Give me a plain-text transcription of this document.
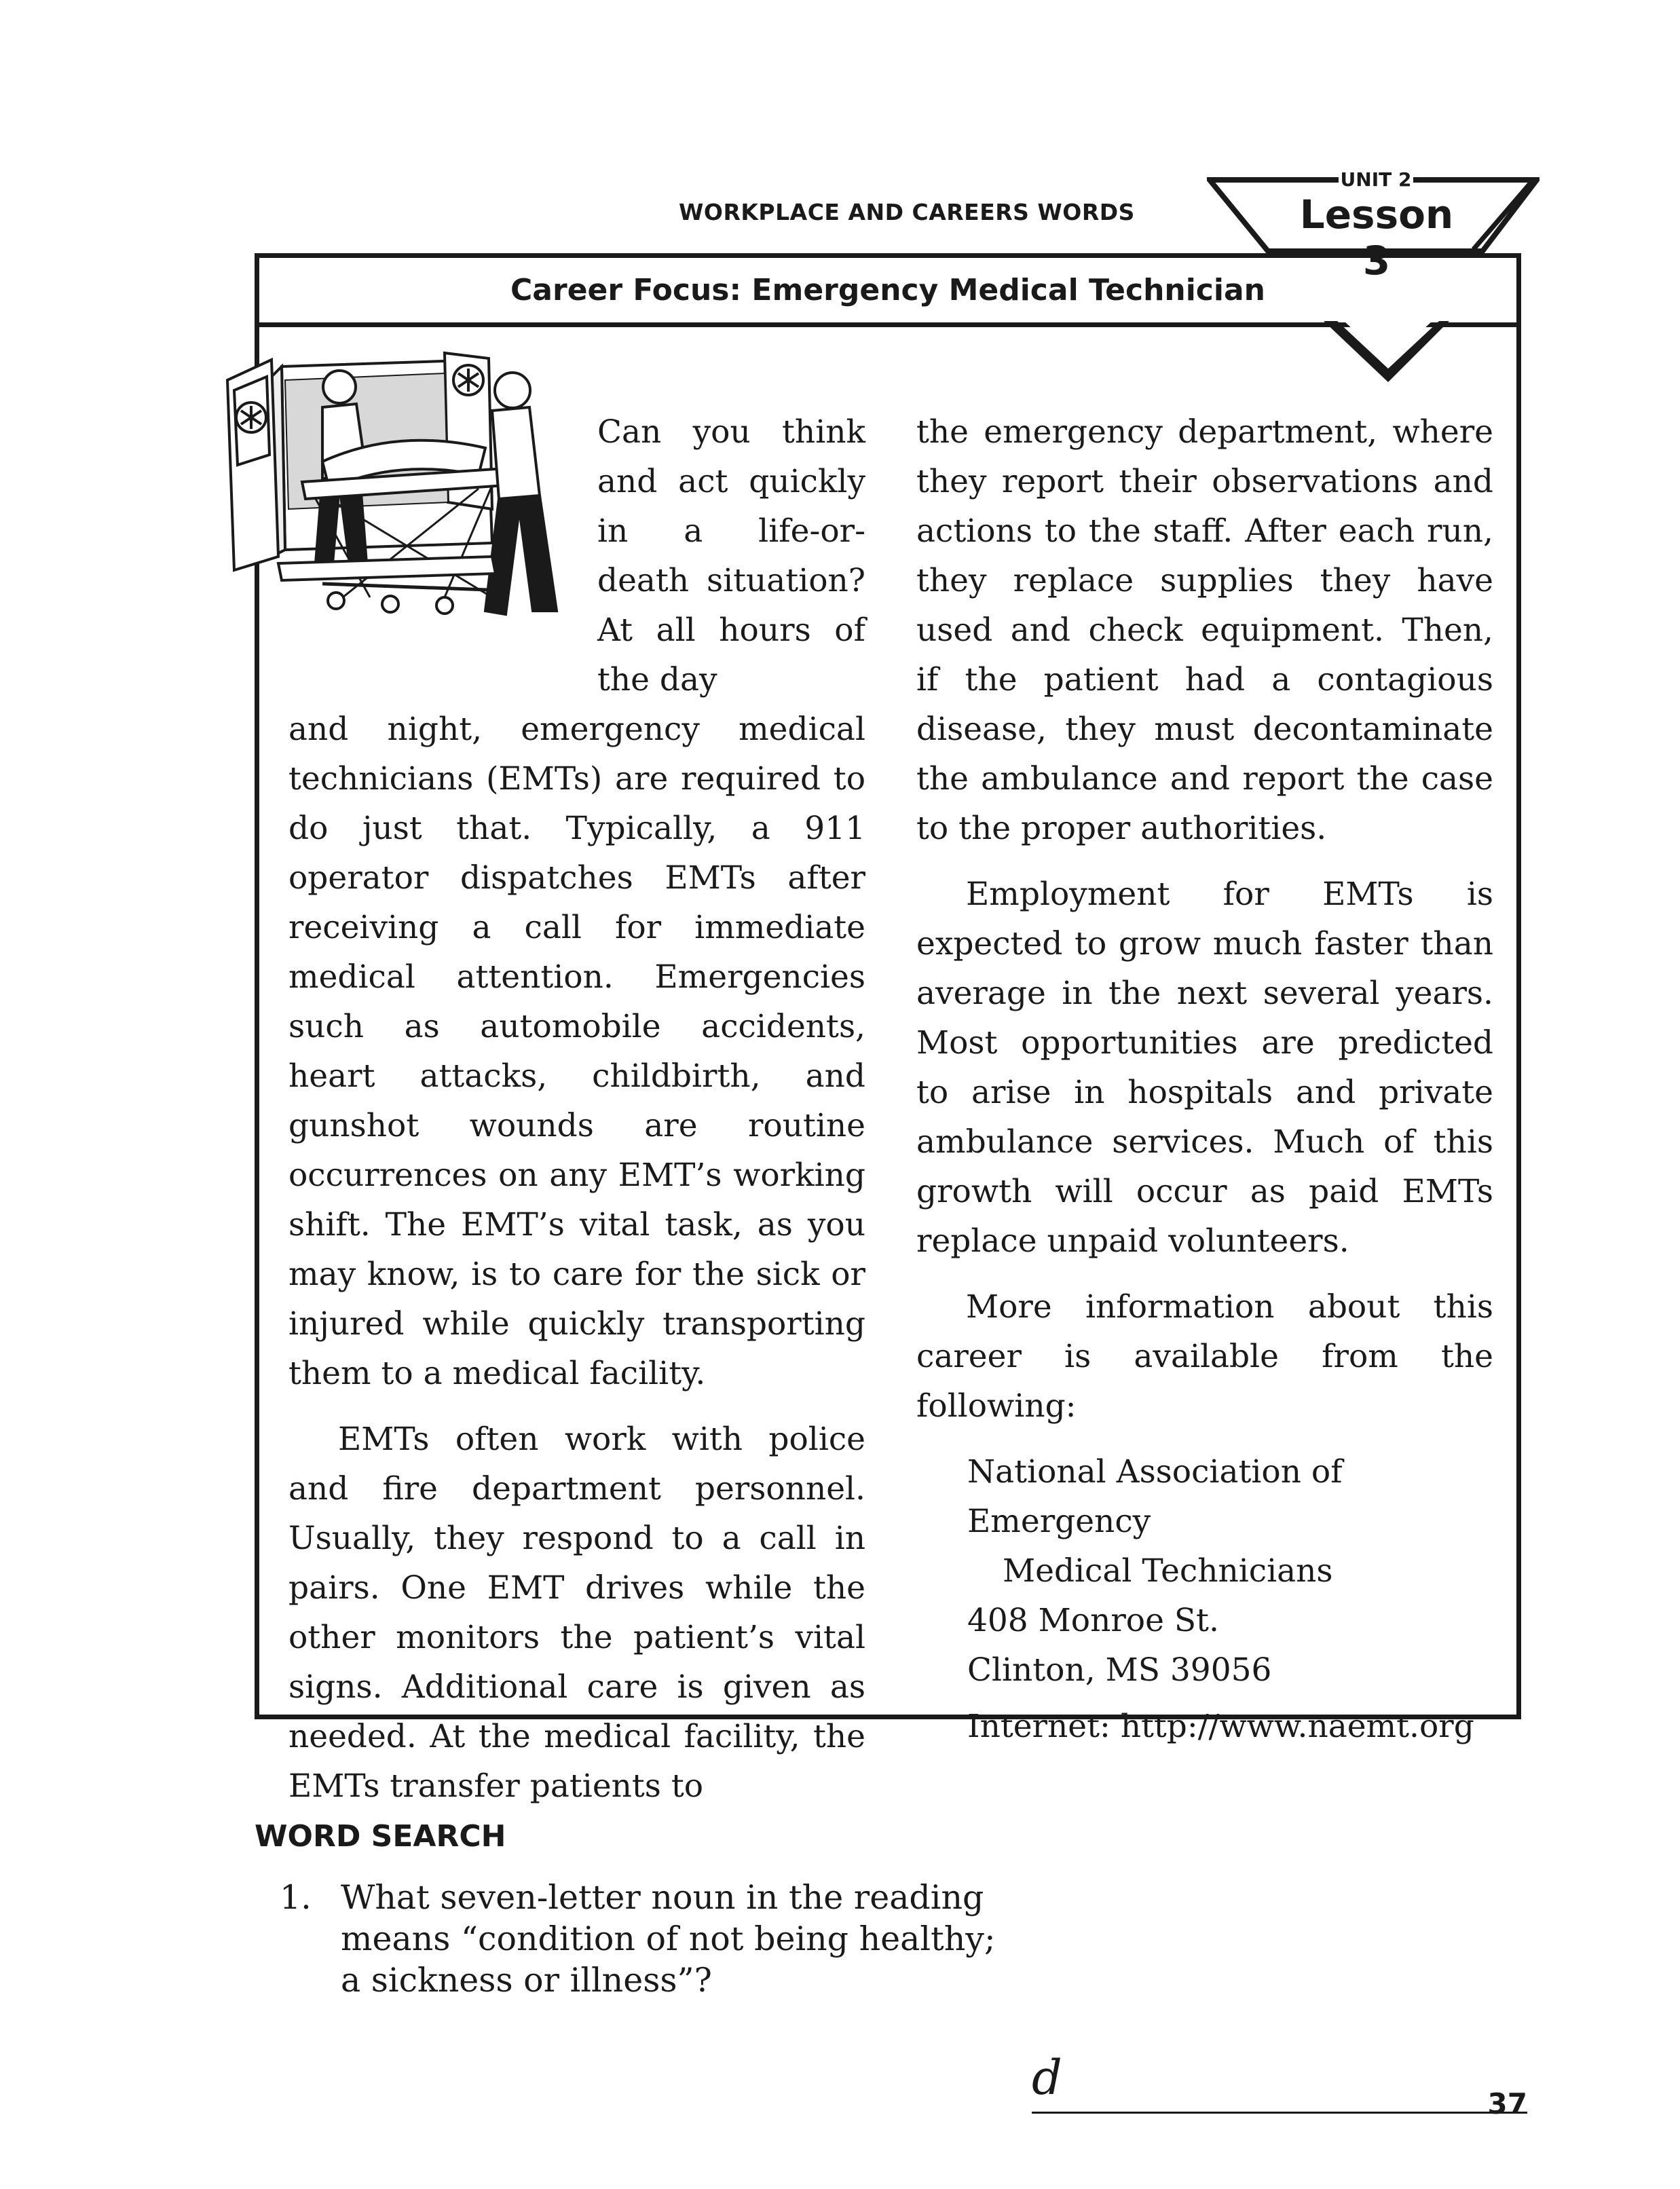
WORKPLACE AND CAREERS WORDS
UNIT 2
Lesson 3
Career Focus: Emergency Medical Technician

Can you think and act quickly in a life-or-death situation? At all hours of the day

and night, emergency medical technicians (EMTs) are required to do just that. Typically, a 911 operator dispatches EMTs after receiving a call for immediate medical attention. Emergencies such as automobile accidents, heart attacks, childbirth, and gunshot wounds are routine occurrences on any EMT’s working shift. The EMT’s vital task, as you may know, is to care for the sick or injured while quickly transporting them to a medical facility.

EMTs often work with police and fire department personnel. Usually, they respond to a call in pairs. One EMT drives while the other monitors the patient’s vital signs. Additional care is given as needed. At the medical facility, the EMTs transfer patients to

the emergency department, where they report their observations and actions to the staff. After each run, they replace supplies they have used and check equipment. Then, if the patient had a contagious disease, they must decontaminate the ambulance and report the case to the proper authorities.

Employment for EMTs is expected to grow much faster than average in the next several years. Most opportunities are predicted to arise in hospitals and private ambulance services. Much of this growth will occur as paid EMTs replace unpaid volunteers.

More information about this career is available from the following:

National Association of Emergency
Medical Technicians
408 Monroe St.
Clinton, MS 39056
Internet: http://www.naemt.org
WORD SEARCH
1. What seven-letter noun in the reading means “condition of not being healthy; a sickness or illness”?
d	37
